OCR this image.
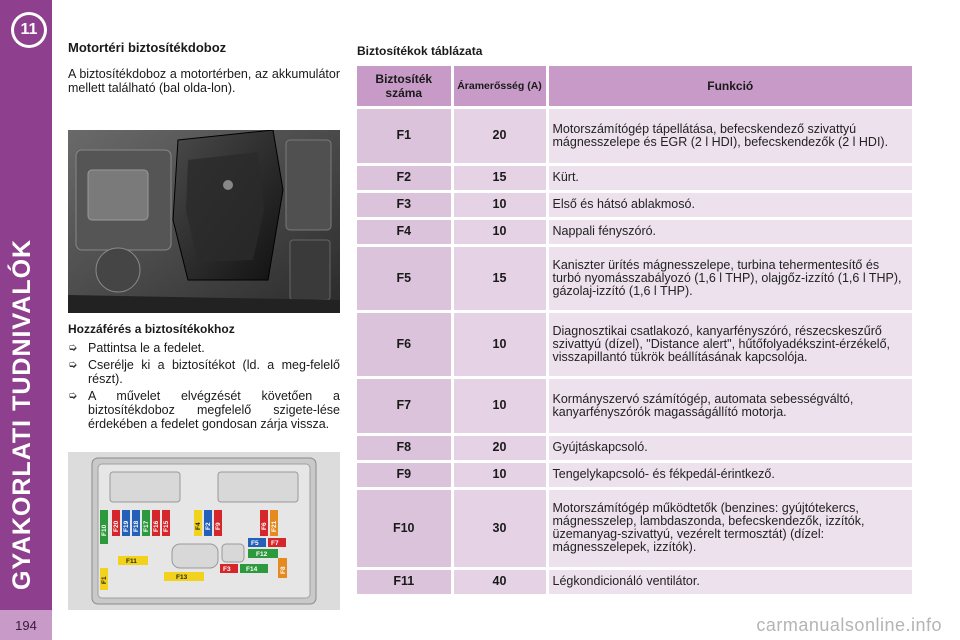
11
GYAKORLATI TUDNIVALÓK
194
Motortéri biztosítékdoboz

A biztosítékdoboz a motortérben, az akkumulátor mellett található (bal olda-lon).

Hozzáférés a biztosítékokhoz
➭ Pattintsa le a fedelet.
➭ Cserélje ki a biztosítékot (ld. a meg-felelő részt).
➭ A művelet elvégzését követően a biztosítékdoboz megfelelő szigete-lése érdekében a fedelet gondosan zárja vissza.
F10 F20 F19 F18 F17 F16 F15	F4 F2 F9	F6 F21
F5 F7
F12
F11
F3 F14	F8
F1	F13
Biztosítékok táblázata
Biztosíték száma	Áramerősség (A)	Funkció
F1	20	Motorszámítógép tápellátása, befecskendező szivattyú mágnesszelepe és EGR (2 l HDI), befecskendezők (2 l HDI).
F2	15	Kürt.
F3	10	Első és hátsó ablakmosó.
F4	10	Nappali fényszóró.
F5	15	Kaniszter ürítés mágnesszelepe, turbina tehermentesítő és turbó nyomásszabályozó (1,6 l THP), olajgőz-izzító (1,6 l THP), gázolaj-izzító (1,6 l THP).
F6	10	Diagnosztikai csatlakozó, kanyarfényszóró, részecskeszűrő szivattyú (dízel), "Distance alert", hűtőfolyadékszint-érzékelő, visszapillantó tükrök beállításának kapcsolója.
F7	10	Kormányszervó számítógép, automata sebességváltó, kanyarfényszórók magasságállító motorja.
F8	20	Gyújtáskapcsoló.
F9	10	Tengelykapcsoló- és fékpedál-érintkező.
F10	30	Motorszámítógép működtetők (benzines: gyújtótekercs, mágnesszelep, lambdaszonda, befecskendezők, izzítók, üzemanyag-szivattyú, vezérelt termosztát) (dízel: mágnesszelepek, izzítók).
F11	40	Légkondicionáló ventilátor.
carmanualsonline.info
